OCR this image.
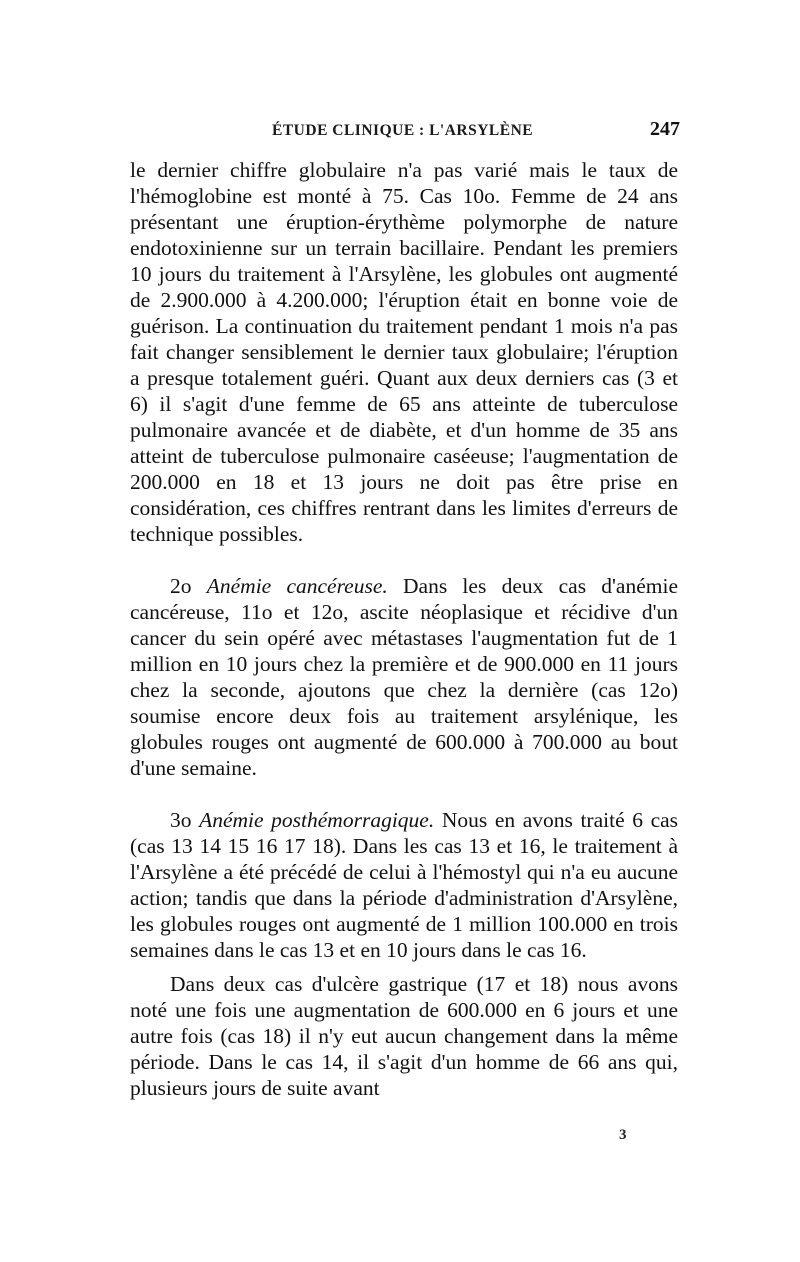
ÉTUDE CLINIQUE : L'ARSYLÈNE	247

le dernier chiffre globulaire n'a pas varié mais le taux de l'hémoglobine est monté à 75. Cas 10o. Femme de 24 ans présentant une éruption-érythème polymorphe de nature endotoxinienne sur un terrain bacillaire. Pendant les premiers 10 jours du traitement à l'Arsylène, les globules ont augmenté de 2.900.000 à 4.200.000; l'éruption était en bonne voie de guérison. La continuation du traitement pendant 1 mois n'a pas fait changer sensiblement le dernier taux globulaire; l'éruption a presque totalement guéri. Quant aux deux derniers cas (3 et 6) il s'agit d'une femme de 65 ans atteinte de tuberculose pulmonaire avancée et de diabète, et d'un homme de 35 ans atteint de tuberculose pulmonaire caséeuse; l'augmentation de 200.000 en 18 et 13 jours ne doit pas être prise en considération, ces chiffres rentrant dans les limites d'erreurs de technique possibles.

2o Anémie cancéreuse. Dans les deux cas d'anémie cancéreuse, 11o et 12o, ascite néoplasique et récidive d'un cancer du sein opéré avec métastases l'augmentation fut de 1 million en 10 jours chez la première et de 900.000 en 11 jours chez la seconde, ajoutons que chez la dernière (cas 12o) soumise encore deux fois au traitement arsylénique, les globules rouges ont augmenté de 600.000 à 700.000 au bout d'une semaine.

3o Anémie posthémorragique. Nous en avons traité 6 cas (cas 13 14 15 16 17 18). Dans les cas 13 et 16, le traitement à l'Arsylène a été précédé de celui à l'hémostyl qui n'a eu aucune action; tandis que dans la période d'administration d'Arsylène, les globules rouges ont augmenté de 1 million 100.000 en trois semaines dans le cas 13 et en 10 jours dans le cas 16.

Dans deux cas d'ulcère gastrique (17 et 18) nous avons noté une fois une augmentation de 600.000 en 6 jours et une autre fois (cas 18) il n'y eut aucun changement dans la même période. Dans le cas 14, il s'agit d'un homme de 66 ans qui, plusieurs jours de suite avant

3
